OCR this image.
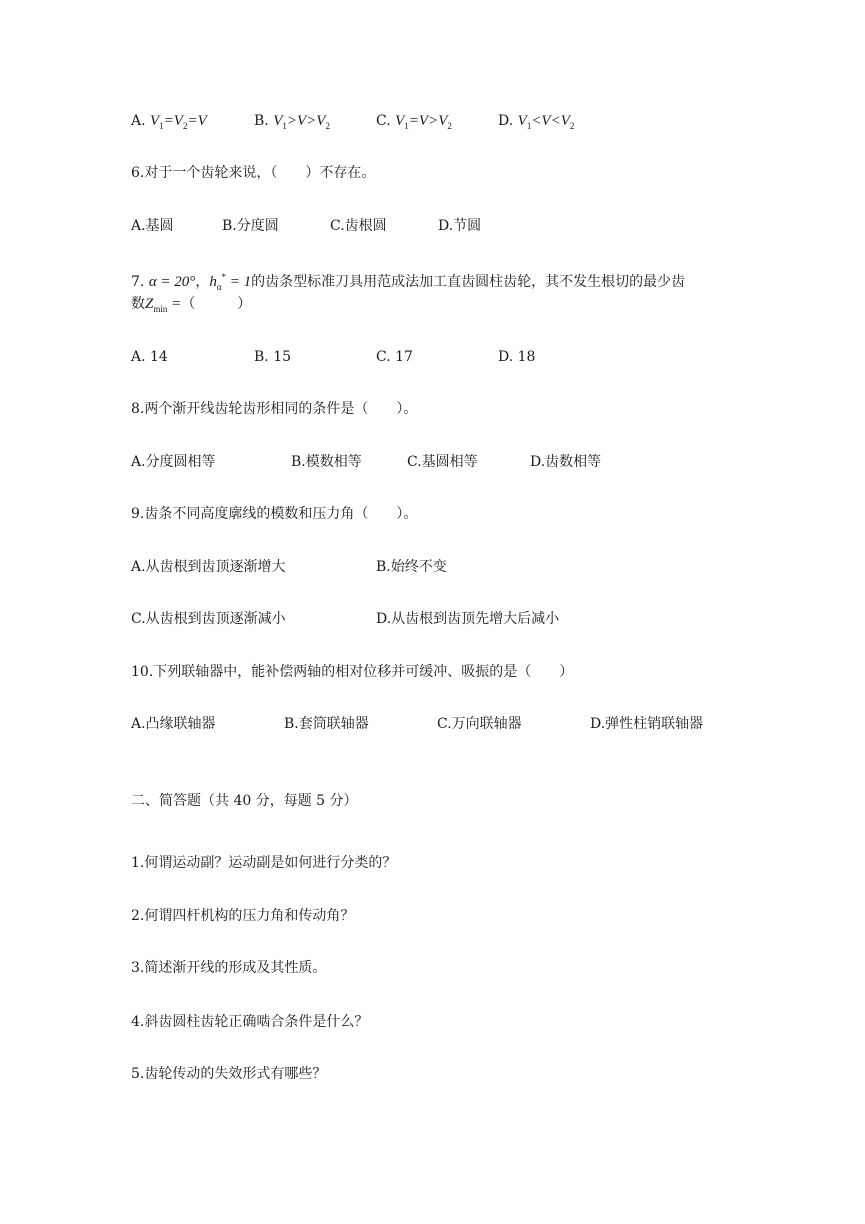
A. $V_1=V_2=V$	B. $V_1>V>V_2$	C. $V_1=V>V_2$	D. $V_1<V<V_2$
6.对于一个齿轮来说，（　　）不存在。
A.基圆	B.分度圆	C.齿根圆	D.节圆
7. α = 20°，$h_\alpha^* = 1$的齿条型标准刀具用范成法加工直齿圆柱齿轮，其不发生根切的最少齿
数$Z_{min}$ =（　　　）
A. 14	B. 15	C. 17	D. 18
8.两个渐开线齿轮齿形相同的条件是（　　）。
A.分度圆相等	B.模数相等	C.基圆相等	D.齿数相等
9.齿条不同高度廓线的模数和压力角（　　）。
A.从齿根到齿顶逐渐增大	B.始终不变
C.从齿根到齿顶逐渐减小	D.从齿根到齿顶先增大后减小
10.下列联轴器中，能补偿两轴的相对位移并可缓冲、吸振的是（　　）
A.凸缘联轴器	B.套筒联轴器	C.万向联轴器	D.弹性柱销联轴器
二、简答题（共 40 分，每题 5 分）
1.何谓运动副？运动副是如何进行分类的？
2.何谓四杆机构的压力角和传动角？
3.简述渐开线的形成及其性质。
4.斜齿圆柱齿轮正确啮合条件是什么？
5.齿轮传动的失效形式有哪些？
